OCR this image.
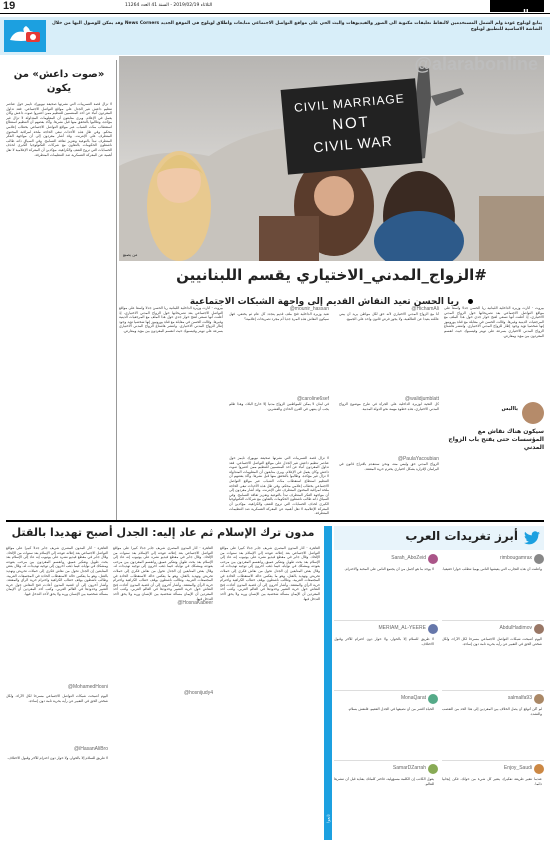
19	الثلاثاء 2019/02/19 - السنة 41 العدد 11264
يتابع لوبلوج عودة ولم الشمل المستخدمين لالتقاط تعليقات مكتوبة الى الصور والفيديوهات والبث الحي على مواقع التواصل الاجتماعي متابعات واطلاق لوبلوج في الموقع الجديد News Corners وقد يمكن للوصول اليها من خلال الشاشة الاساسية للتطبيق لوبلوج
«صوت داعش» من يكون
لا تزال قصة التسريبات التي نشرتها صحيفة نيويورك تايمز حول عناصر تنظيم داعش تثير الجدل على مواقع التواصل الاجتماعي. فقد تداول المغردون أنباء عن أحد المنتسبين للتنظيم ممن اعتبروا صوت داعش وكان يعمل في الإعلام. ويرى متابعون أن المعلومات المتداولة لا تزال غير مؤكدة، وطالبوا بالتحقق منها قبل نشرها. وأكد بعضهم أن التنظيم استطاع استقطاب مئات الشباب عبر مواقع التواصل الاجتماعي بخطاب إعلامي محكم. وفي ظل هذه الأحداث تبقى الحاجة ملحة لمراقبة المحتوى المتطرف على الإنترنت. وقد أشار مغردون إلى أن مواجهة الفكر المتطرف تبدأ بالتوعية وتعزيز ثقافة التسامح. وفي السياق ذاته طالب ناشطون الحكومات بالتعاون مع شركات التكنولوجيا الكبرى لحذف الحسابات التي تروج للعنف والكراهية، مؤكدين أن المعركة الإعلامية لا تقل أهمية عن المعركة العسكرية ضد التنظيمات المتطرفة.
CIVIL MARRIAGE
NOT
CIVIL WAR
@alarabonline
من يصنع
#الزواج_المدني_الاختياري يقسم اللبنانيين
ريا الحسن تعيد النقاش القديم إلى واجهة الشبكات الاجتماعية
بيروت - أثارت وزيرة الداخلية اللبنانية ريا الحسن جدلا واسعا على مواقع التواصل الاجتماعي بعد تصريحاتها حول الزواج المدني الاختياري، إذ أعلنت أنها تسعى لفتح حوار جدي حول هذا الملف مع المرجعيات الدينية وغيرها. وقالت الحسن في مقابلة مع قناة يورونيوز إنها شخصيا تؤيد وجود إطار للزواج المدني الاختياري. وانتشر هاشتاغ الزواج المدني الاختياري بسرعة على تويتر وفيسبوك حيث انقسم المغردون بين مؤيد ومعارض.
يااليس
سيكون هناك نقاش مع المؤسسات حتى يفتح باب الزواج المدني
@HichamAli
أنا مع الزواج المدني الاختياري لأنه حق لكل مواطن يريد أن يبني عائلته بعيدا عن الطائفية، ولا يجوز فرض قانون واحد على الجميع.
@mounir_hassan
تعيد وزيرة الداخلية فتح ملف قديم يتجدد كل عام ثم يختفي، فهل سيكون النقاش هذه المرة جديا أم مجرد تصريحات إعلامية؟
@walidjumblatt
كل التحية لوزيرة الداخلية على الجرأة في طرح موضوع الزواج المدني الاختياري، هذه خطوة مهمة نحو الدولة المدنية.
@caroline6sef
في لبنان لا يمكن للمواطنين الزواج مدنيا إلا خارج البلاد، وهذا ظلم يجب أن ينتهي في القرن الحادي والعشرين.
@PaulaYacoubian
الزواج المدني حق وليس منة، ونحن سنتقدم باقتراح قانون في البرلمان لإقراره بشكل اختياري يحترم حرية المعتقد.
بيروت - أثارت وزيرة الداخلية اللبنانية ريا الحسن جدلا واسعا على مواقع التواصل الاجتماعي بعد تصريحاتها حول الزواج المدني الاختياري، إذ أعلنت أنها تسعى لفتح حوار جدي حول هذا الملف مع المرجعيات الدينية وغيرها. وقالت الحسن في مقابلة مع قناة يورونيوز إنها شخصيا تؤيد وجود إطار للزواج المدني الاختياري. وانتشر هاشتاغ الزواج المدني الاختياري بسرعة على تويتر وفيسبوك حيث انقسم المغردون بين مؤيد ومعارض.
لا تزال قصة التسريبات التي نشرتها صحيفة نيويورك تايمز حول عناصر تنظيم داعش تثير الجدل على مواقع التواصل الاجتماعي. فقد تداول المغردون أنباء عن أحد المنتسبين للتنظيم ممن اعتبروا صوت داعش وكان يعمل في الإعلام. ويرى متابعون أن المعلومات المتداولة لا تزال غير مؤكدة، وطالبوا بالتحقق منها قبل نشرها. وأكد بعضهم أن التنظيم استطاع استقطاب مئات الشباب عبر مواقع التواصل الاجتماعي بخطاب إعلامي محكم. وفي ظل هذه الأحداث تبقى الحاجة ملحة لمراقبة المحتوى المتطرف على الإنترنت. وقد أشار مغردون إلى أن مواجهة الفكر المتطرف تبدأ بالتوعية وتعزيز ثقافة التسامح. وفي السياق ذاته طالب ناشطون الحكومات بالتعاون مع شركات التكنولوجيا الكبرى لحذف الحسابات التي تروج للعنف والكراهية، مؤكدين أن المعركة الإعلامية لا تقل أهمية عن المعركة العسكرية ضد التنظيمات المتطرفة.
أبرز تغريدات العرب
rimbougamrax
وأعلنت أن هذه التجارب التي يعيشها الناس يوميا تتطلب حوارا حقيقيا.
Sarah_AboZeid
لا يوجد ما هو أجمل من أن يجتمع الناس على المحبة والاحترام.
AbdulHadimov
اليوم أصبحت شبكات التواصل الاجتماعي مسرحا لكل الآراء، ولكل شخص الحق في التعبير عن رأيه بحرية تامة دون إساءة.
MERIAM_AL-YEERE
لا طريق للسلام إلا بالحوار، ولا حوار دون احترام للآخر وقبول الاختلاف.
salmalfa93
لم أكن أتوقع أن يصل الخلاف بين المغردين إلى هذا الحد من التعصب والتشدد.
MonaQarat
الحياة أقصر من أن نضيعها في الجدل العقيم، فلنعش بسلام.
Enjoy_Saudi
عندما تتغير طريقة تفكيرك يتغير كل شيء من حولك، فكن إيجابيا دائما.
SamarDZarrah
يقول الكاتب إن الكلمة مسؤولية، فاختر كلماتك بعناية قبل أن تنشرها للعالم.
تابعوا
مدون ترك الإسلام ثم عاد إليه: الجدل أصبح تهديدا بالقتل
القاهرة - أثار المدون المصري شريف جابر جدلا كبيرا على مواقع التواصل الاجتماعي بعد إعلانه عودته إلى الإسلام بعد سنوات من الإلحاد. وقال جابر في مقطع فيديو نشره على يوتيوب إنه عاد إلى الإسلام بعد بحث طويل وتفكير عميق. وانقسم المغردون بين مرحب بعودته ومشكك في نواياه، فيما ذهب آخرون إلى توجيه تهديدات له. وقال بعض المتابعين إن الجدل تحول من نقاش فكري إلى حملات تحريض وتهديد بالقتل، وهو ما يعكس حالة الاستقطاب الحادة في المجتمعات العربية. وطالب ناشطون بوقف خطاب الكراهية واحترام حرية الرأي والمعتقد. وأشار آخرون إلى أن قضية المدون أعادت فتح النقاش حول حرية التعبير وحدودها في العالم العربي. وكتب أحد المغردين أن الإيمان مسألة شخصية بين الإنسان وربه ولا يحق لأحد التدخل فيها.
القاهرة - أثار المدون المصري شريف جابر جدلا كبيرا على مواقع التواصل الاجتماعي بعد إعلانه عودته إلى الإسلام بعد سنوات من الإلحاد. وقال جابر في مقطع فيديو نشره على يوتيوب إنه عاد إلى الإسلام بعد بحث طويل وتفكير عميق. وانقسم المغردون بين مرحب بعودته ومشكك في نواياه، فيما ذهب آخرون إلى توجيه تهديدات له. وقال بعض المتابعين إن الجدل تحول من نقاش فكري إلى حملات تحريض وتهديد بالقتل، وهو ما يعكس حالة الاستقطاب الحادة في المجتمعات العربية. وطالب ناشطون بوقف خطاب الكراهية واحترام حرية الرأي والمعتقد. وأشار آخرون إلى أن قضية المدون أعادت فتح النقاش حول حرية التعبير وحدودها في العالم العربي. وكتب أحد المغردين أن الإيمان مسألة شخصية بين الإنسان وربه ولا يحق لأحد التدخل فيها.
القاهرة - أثار المدون المصري شريف جابر جدلا كبيرا على مواقع التواصل الاجتماعي بعد إعلانه عودته إلى الإسلام بعد سنوات من الإلحاد. وقال جابر في مقطع فيديو نشره على يوتيوب إنه عاد إلى الإسلام بعد بحث طويل وتفكير عميق. وانقسم المغردون بين مرحب بعودته ومشكك في نواياه، فيما ذهب آخرون إلى توجيه تهديدات له. وقال بعض المتابعين إن الجدل تحول من نقاش فكري إلى حملات تحريض وتهديد بالقتل، وهو ما يعكس حالة الاستقطاب الحادة في المجتمعات العربية. وطالب ناشطون بوقف خطاب الكراهية واحترام حرية الرأي والمعتقد. وأشار آخرون إلى أن قضية المدون أعادت فتح النقاش حول حرية التعبير وحدودها في العالم العربي. وكتب أحد المغردين أن الإيمان مسألة شخصية بين الإنسان وربه ولا يحق لأحد التدخل فيها.
@MohamedHosni
اليوم أصبحت شبكات التواصل الاجتماعي مسرحا لكل الآراء، ولكل شخص الحق في التعبير عن رأيه بحرية تامة دون إساءة.
@iHasanAliBro
لا طريق للسلام إلا بالحوار، ولا حوار دون احترام للآخر وقبول الاختلاف.
@HosnaKabeer
@hosnijudy4
